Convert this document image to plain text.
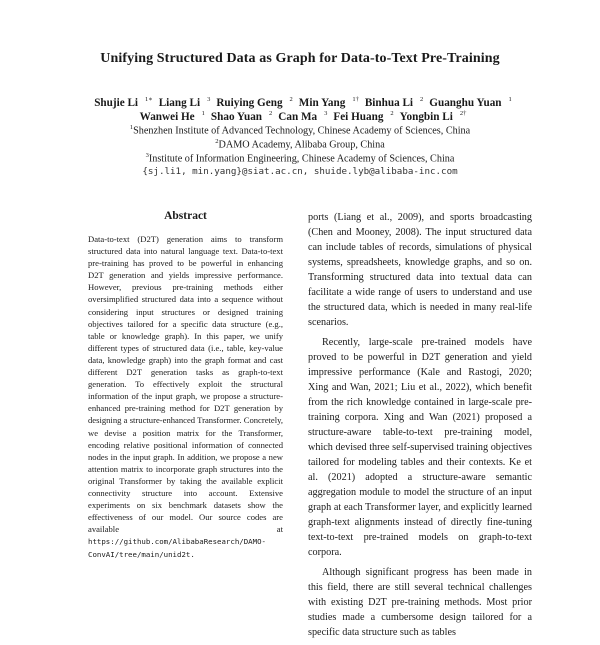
Unifying Structured Data as Graph for Data-to-Text Pre-Training
Shujie Li $^{1∗}$ Liang Li $^3$ Ruiying Geng $^2$ Min Yang $^{1\dagger}$ Binhua Li $^2$ Guanghu Yuan $^1$
Wanwei He $^1$ Shao Yuan $^2$ Can Ma $^3$ Fei Huang $^2$ Yongbin Li $^{2\dagger}$
$^1$Shenzhen Institute of Advanced Technology, Chinese Academy of Sciences, China
$^2$DAMO Academy, Alibaba Group, China
$^3$Institute of Information Engineering, Chinese Academy of Sciences, China
{sj.li1, min.yang}@siat.ac.cn, shuide.lyb@alibaba-inc.com
Abstract
Data-to-text (D2T) generation aims to transform structured data into natural language text. Data-to-text pre-training has proved to be powerful in enhancing D2T generation and yields impressive performance. However, previous pre-training methods either oversimplified structured data into a sequence without considering input structures or designed training objectives tailored for a specific data structure (e.g., table or knowledge graph). In this paper, we unify different types of structured data (i.e., table, key-value data, knowledge graph) into the graph format and cast different D2T generation tasks as graph-to-text generation. To effectively exploit the structural information of the input graph, we propose a structure-enhanced pre-training method for D2T generation by designing a structure-enhanced Transformer. Concretely, we devise a position matrix for the Transformer, encoding relative positional information of connected nodes in the input graph. In addition, we propose a new attention matrix to incorporate graph structures into the original Transformer by taking the available explicit connectivity structure into account. Extensive experiments on six benchmark datasets show the effectiveness of our model. Our source codes are available at https://github.com/AlibabaResearch/DAMO-ConvAI/tree/main/unid2t.

ports (Liang et al., 2009), and sports broadcasting (Chen and Mooney, 2008). The input structured data can include tables of records, simulations of physical systems, spreadsheets, knowledge graphs, and so on. Transforming structured data into textual data can facilitate a wide range of users to understand and use the structured data, which is needed in many real-life scenarios.

Recently, large-scale pre-trained models have proved to be powerful in D2T generation and yield impressive performance (Kale and Rastogi, 2020; Xing and Wan, 2021; Liu et al., 2022), which benefit from the rich knowledge contained in large-scale pre-training corpora. Xing and Wan (2021) proposed a structure-aware table-to-text pre-training model, which devised three self-supervised training objectives tailored for modeling tables and their contexts. Ke et al. (2021) adopted a structure-aware semantic aggregation module to model the structure of an input graph at each Transformer layer, and explicitly learned graph-text alignments instead of directly fine-tuning text-to-text pre-trained models on graph-to-text corpora.

Although significant progress has been made in this field, there are still several technical challenges with existing D2T pre-training methods. Most prior studies made a cumbersome design tailored for a specific data structure such as tables
